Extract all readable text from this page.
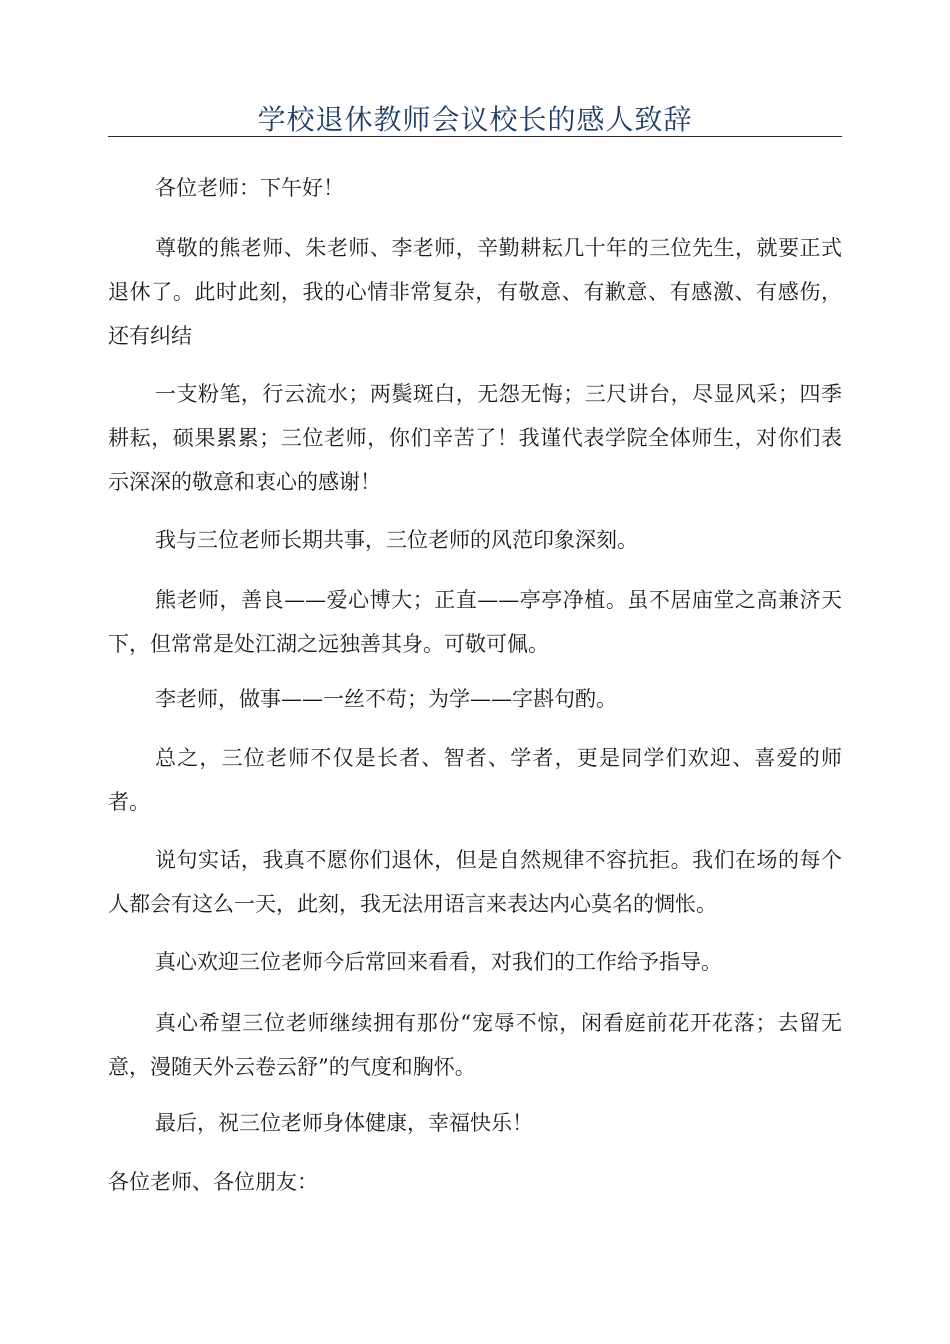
学校退休教师会议校长的感人致辞

各位老师：下午好！

尊敬的熊老师、朱老师、李老师，辛勤耕耘几十年的三位先生，就要正式退休了。此时此刻，我的心情非常复杂，有敬意、有歉意、有感激、有感伤，还有纠结

一支粉笔，行云流水；两鬓斑白，无怨无悔；三尺讲台，尽显风采；四季耕耘，硕果累累；三位老师，你们辛苦了！我谨代表学院全体师生，对你们表示深深的敬意和衷心的感谢！

我与三位老师长期共事，三位老师的风范印象深刻。

熊老师，善良——爱心博大；正直——亭亭净植。虽不居庙堂之高兼济天下，但常常是处江湖之远独善其身。可敬可佩。

李老师，做事——一丝不苟；为学——字斟句酌。

总之，三位老师不仅是长者、智者、学者，更是同学们欢迎、喜爱的师者。

说句实话，我真不愿你们退休，但是自然规律不容抗拒。我们在场的每个人都会有这么一天，此刻，我无法用语言来表达内心莫名的惆怅。

真心欢迎三位老师今后常回来看看，对我们的工作给予指导。

真心希望三位老师继续拥有那份“宠辱不惊，闲看庭前花开花落；去留无意，漫随天外云卷云舒”的气度和胸怀。

最后，祝三位老师身体健康，幸福快乐！

各位老师、各位朋友：
